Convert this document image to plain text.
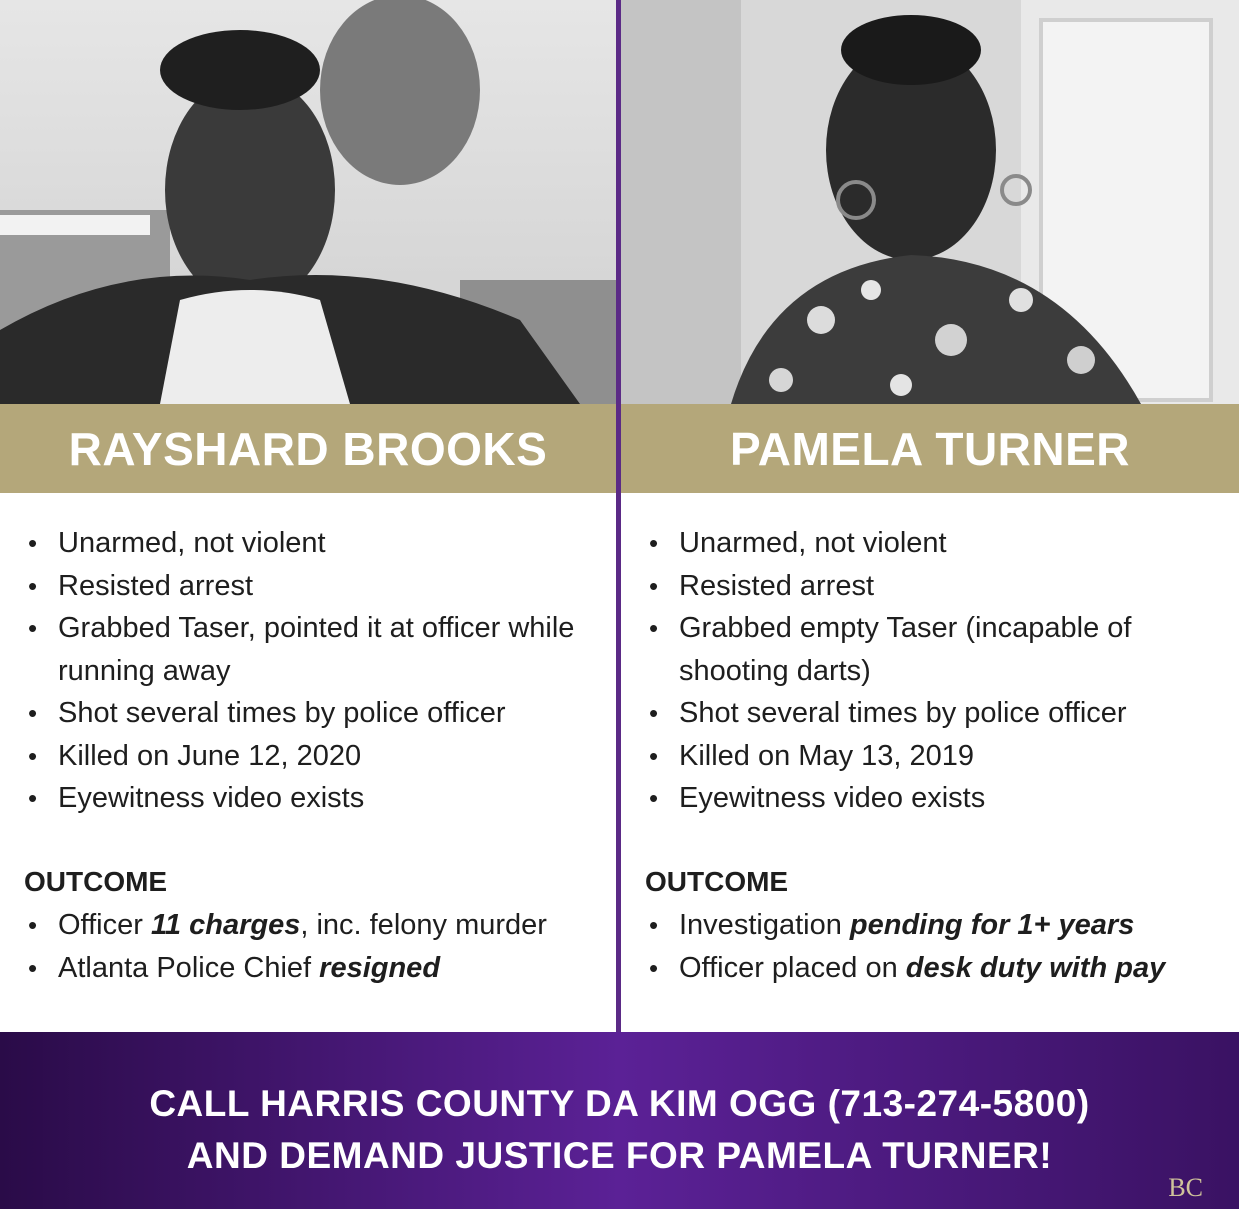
RAYSHARD BROOKS
• Unarmed, not violent
• Resisted arrest
• Grabbed Taser, pointed it at officer while running away
• Shot several times by police officer
• Killed on June 12, 2020
• Eyewitness video exists
OUTCOME
• Officer 11 charges, inc. felony murder
• Atlanta Police Chief resigned
PAMELA TURNER
• Unarmed, not violent
• Resisted arrest
• Grabbed empty Taser (incapable of shooting darts)
• Shot several times by police officer
• Killed on May 13, 2019
• Eyewitness video exists
OUTCOME
• Investigation pending for 1+ years
• Officer placed on desk duty with pay
CALL HARRIS COUNTY DA KIM OGG (713-274-5800)
AND DEMAND JUSTICE FOR PAMELA TURNER!
BC
